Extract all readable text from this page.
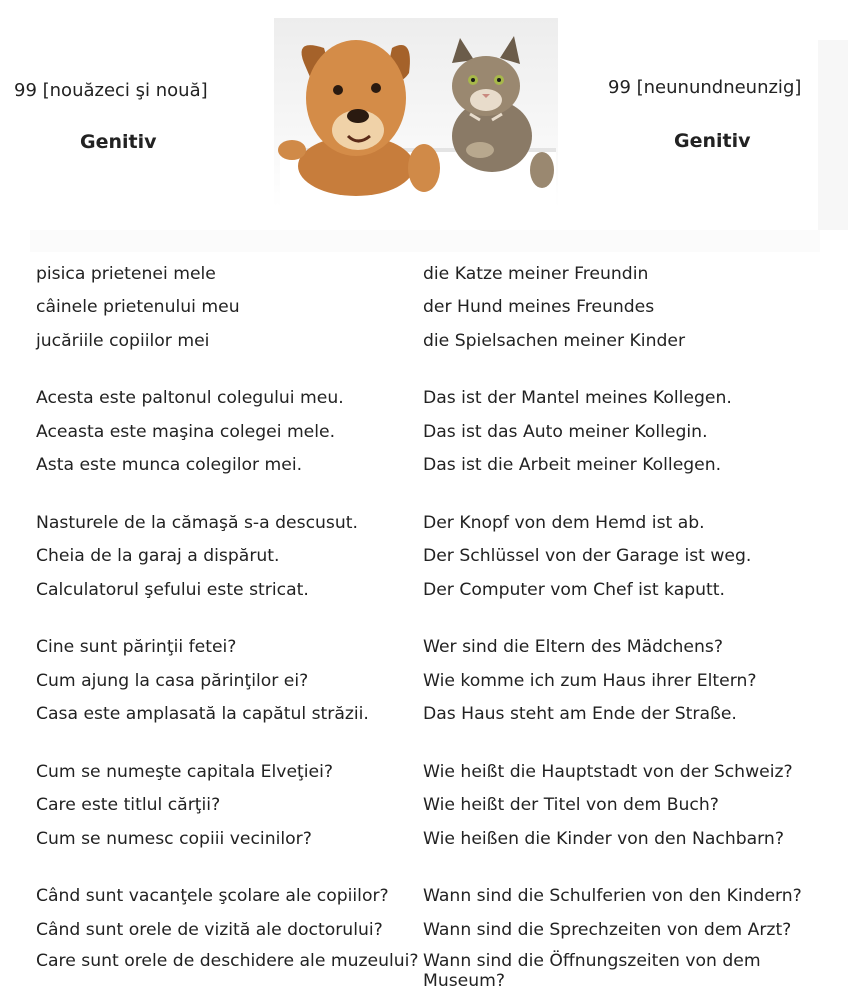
99 [nouăzeci şi nouă]
Genitiv
99 [neunundneunzig]
Genitiv
pisica prietenei mele	die Katze meiner Freundin
câinele prietenului meu	der Hund meines Freundes
jucăriile copiilor mei	die Spielsachen meiner Kinder
Acesta este paltonul colegului meu.	Das ist der Mantel meines Kollegen.
Aceasta este maşina colegei mele.	Das ist das Auto meiner Kollegin.
Asta este munca colegilor mei.	Das ist die Arbeit meiner Kollegen.
Nasturele de la cămaşă s-a descusut.	Der Knopf von dem Hemd ist ab.
Cheia de la garaj a dispărut.	Der Schlüssel von der Garage ist weg.
Calculatorul şefului este stricat.	Der Computer vom Chef ist kaputt.
Cine sunt părinţii fetei?	Wer sind die Eltern des Mädchens?
Cum ajung la casa părinţilor ei?	Wie komme ich zum Haus ihrer Eltern?
Casa este amplasată la capătul străzii.	Das Haus steht am Ende der Straße.
Cum se numeşte capitala Elveţiei?	Wie heißt die Hauptstadt von der Schweiz?
Care este titlul cărţii?	Wie heißt der Titel von dem Buch?
Cum se numesc copiii vecinilor?	Wie heißen die Kinder von den Nachbarn?
Când sunt vacanţele şcolare ale copiilor?	Wann sind die Schulferien von den Kindern?
Când sunt orele de vizită ale doctorului?	Wann sind die Sprechzeiten von dem Arzt?
Care sunt orele de deschidere ale muzeului? Wann sind die Öffnungszeiten von dem Museum?
